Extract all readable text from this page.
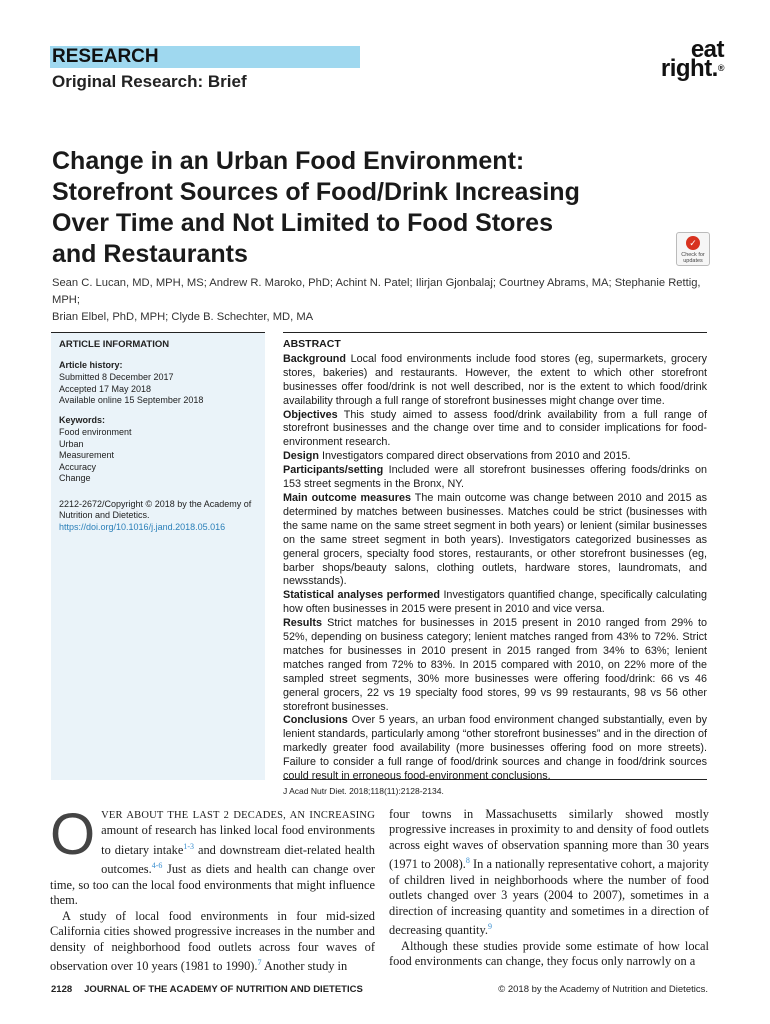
RESEARCH
Original Research: Brief
eat
right.®
Change in an Urban Food Environment:
Storefront Sources of Food/Drink Increasing
Over Time and Not Limited to Food Stores
and Restaurants	✓
Check for updates
Sean C. Lucan, MD, MPH, MS; Andrew R. Maroko, PhD; Achint N. Patel; Ilirjan Gjonbalaj; Courtney Abrams, MA; Stephanie Rettig, MPH;
Brian Elbel, PhD, MPH; Clyde B. Schechter, MD, MA
ARTICLE INFORMATION
Article history:
Submitted 8 December 2017
Accepted 17 May 2018
Available online 15 September 2018
Keywords:
Food environment
Urban
Measurement
Accuracy
Change
2212-2672/Copyright © 2018 by the Academy of Nutrition and Dietetics.
https://doi.org/10.1016/j.jand.2018.05.016
ABSTRACT

Background Local food environments include food stores (eg, supermarkets, grocery stores, bakeries) and restaurants. However, the extent to which other storefront businesses offer food/drink is not well described, nor is the extent to which food/drink availability through a full range of storefront businesses might change over time.

Objectives This study aimed to assess food/drink availability from a full range of storefront businesses and the change over time and to consider implications for food-environment research.

Design Investigators compared direct observations from 2010 and 2015.

Participants/setting Included were all storefront businesses offering foods/drinks on 153 street segments in the Bronx, NY.

Main outcome measures The main outcome was change between 2010 and 2015 as determined by matches between businesses. Matches could be strict (businesses with the same name on the same street segment in both years) or lenient (similar businesses on the same street segment in both years). Investigators categorized businesses as general grocers, specialty food stores, restaurants, or other storefront businesses (eg, barber shops/beauty salons, clothing outlets, hardware stores, laundromats, and newsstands).

Statistical analyses performed Investigators quantified change, specifically calculating how often businesses in 2015 were present in 2010 and vice versa.

Results Strict matches for businesses in 2015 present in 2010 ranged from 29% to 52%, depending on business category; lenient matches ranged from 43% to 72%. Strict matches for businesses in 2010 present in 2015 ranged from 34% to 63%; lenient matches ranged from 72% to 83%. In 2015 compared with 2010, on 22% more of the sampled street segments, 30% more businesses were offering food/drink: 66 vs 46 general grocers, 22 vs 19 specialty food stores, 99 vs 99 restaurants, 98 vs 56 other storefront businesses.

Conclusions Over 5 years, an urban food environment changed substantially, even by lenient standards, particularly among “other storefront businesses” and in the direction of markedly greater food availability (more businesses offering food on more streets). Failure to consider a full range of food/drink sources and change in food/drink sources could result in erroneous food-environment conclusions.

J Acad Nutr Diet. 2018;118(11):2128-2134.

OVER ABOUT THE LAST 2 DECADES, AN INCREASING amount of research has linked local food environments to dietary intake$^{1-3}$ and downstream diet-related health outcomes.$^{4-6}$ Just as diets and health can change over time, so too can the local food environments that might influence them.

A study of local food environments in four mid-sized California cities showed progressive increases in the number and density of neighborhood food outlets across four waves of observation over 10 years (1981 to 1990).$^7$ Another study in

four towns in Massachusetts similarly showed mostly progressive increases in proximity to and density of food outlets across eight waves of observation spanning more than 30 years (1971 to 2008).$^8$ In a nationally representative cohort, a majority of children lived in neighborhoods where the number of food outlets changed over 3 years (2004 to 2007), sometimes in a direction of increasing quantity and sometimes in a direction of decreasing quantity.$^9$

Although these studies provide some estimate of how local food environments can change, they focus only narrowly on a

2128 JOURNAL OF THE ACADEMY OF NUTRITION AND DIETETICS	© 2018 by the Academy of Nutrition and Dietetics.
